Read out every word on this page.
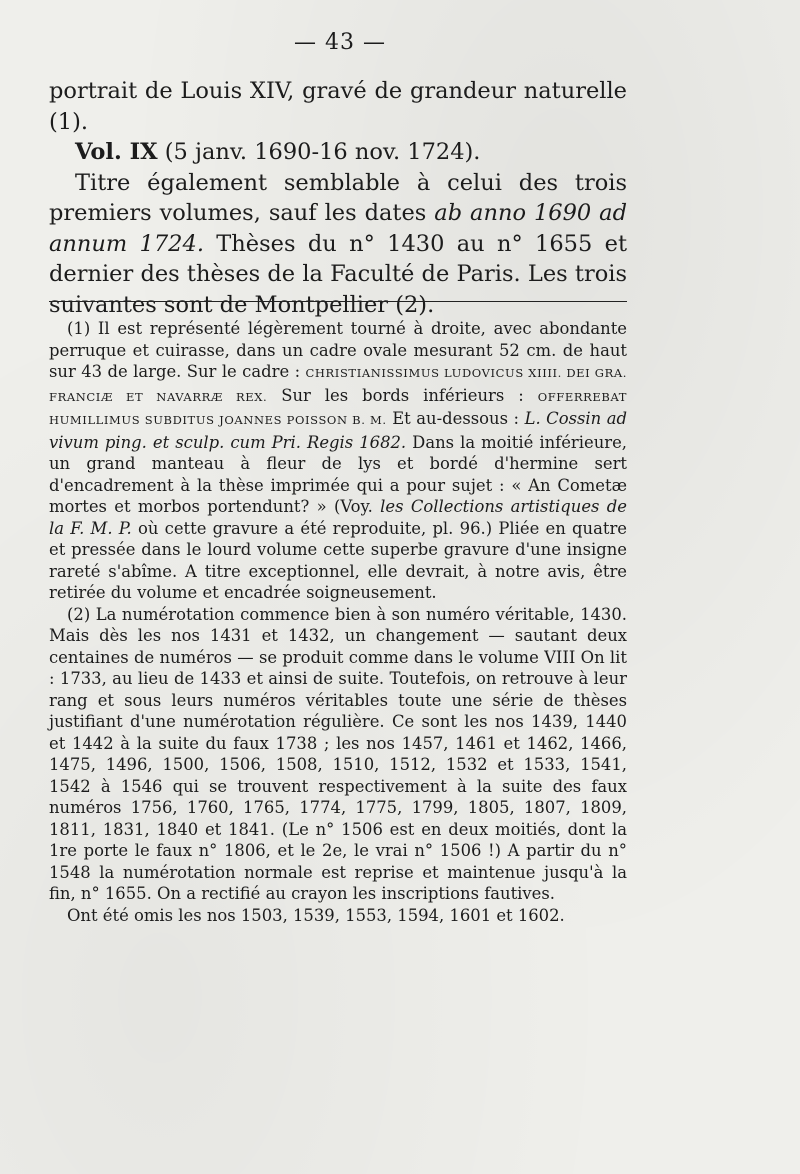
— 43 —

portrait de Louis XIV, gravé de grandeur naturelle (1).

Vol. IX (5 janv. 1690-16 nov. 1724).

Titre également semblable à celui des trois premiers volumes, sauf les dates ab anno 1690 ad annum 1724. Thèses du n° 1430 au n° 1655 et dernier des thèses de la Faculté de Paris. Les trois suivantes sont de Montpellier (2).

(1) Il est représenté légèrement tourné à droite, avec abondante perruque et cuirasse, dans un cadre ovale mesurant 52 cm. de haut sur 43 de large. Sur le cadre : CHRISTIANISSIMUS LUDOVICUS XIIII. DEI GRA. FRANCIÆ ET NAVARRÆ REX. Sur les bords inférieurs : OFFERREBAT HUMILLIMUS SUBDITUS JOANNES POISSON B. M. Et au-dessous : L. Cossin ad vivum ping. et sculp. cum Pri. Regis 1682. Dans la moitié inférieure, un grand manteau à fleur de lys et bordé d'hermine sert d'encadrement à la thèse imprimée qui a pour sujet : « An Cometæ mortes et morbos portendunt? » (Voy. les Collections artistiques de la F. M. P. où cette gravure a été reproduite, pl. 96.) Pliée en quatre et pressée dans le lourd volume cette superbe gravure d'une insigne rareté s'abîme. A titre exceptionnel, elle devrait, à notre avis, être retirée du volume et encadrée soigneusement.

(2) La numérotation commence bien à son numéro véritable, 1430. Mais dès les nos 1431 et 1432, un changement — sautant deux centaines de numéros — se produit comme dans le volume VIII On lit : 1733, au lieu de 1433 et ainsi de suite. Toutefois, on retrouve à leur rang et sous leurs numéros véritables toute une série de thèses justifiant d'une numérotation régulière. Ce sont les nos 1439, 1440 et 1442 à la suite du faux 1738 ; les nos 1457, 1461 et 1462, 1466, 1475, 1496, 1500, 1506, 1508, 1510, 1512, 1532 et 1533, 1541, 1542 à 1546 qui se trouvent respectivement à la suite des faux numéros 1756, 1760, 1765, 1774, 1775, 1799, 1805, 1807, 1809, 1811, 1831, 1840 et 1841. (Le n° 1506 est en deux moitiés, dont la 1re porte le faux n° 1806, et le 2e, le vrai n° 1506 !) A partir du n° 1548 la numérotation normale est reprise et maintenue jusqu'à la fin, n° 1655. On a rectifié au crayon les inscriptions fautives.

Ont été omis les nos 1503, 1539, 1553, 1594, 1601 et 1602.
